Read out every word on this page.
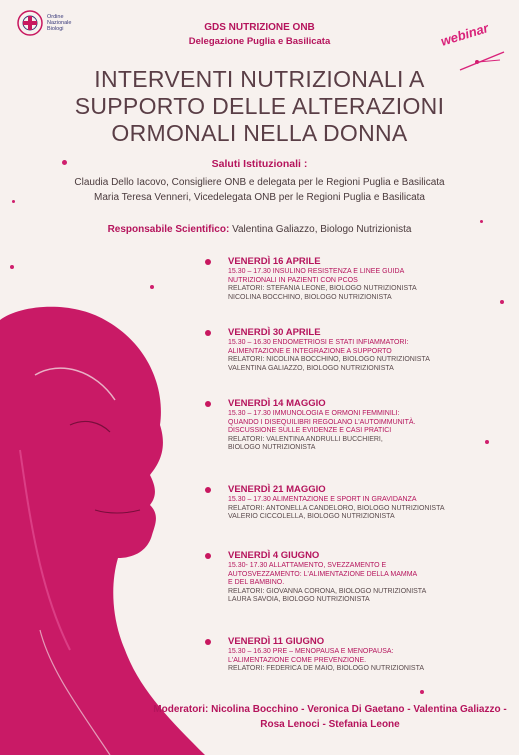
Ordine
Nazionale
Biologi	GDS NUTRIZIONE ONB
Delegazione Puglia e Basilicata	webinar
INTERVENTI NUTRIZIONALI A
SUPPORTO DELLE ALTERAZIONI
ORMONALI NELLA DONNA
Saluti Istituzionali :
Claudia Dello Iacovo, Consigliere ONB e delegata per le Regioni Puglia e Basilicata
Maria Teresa Venneri, Vicedelegata ONB per le Regioni Puglia e Basilicata
Responsabile Scientifico: Valentina Galiazzo, Biologo Nutrizionista
VENERDÌ 16 APRILE
15.30 – 17.30 INSULINO RESISTENZA E LINEE GUIDA
NUTRIZIONALI IN PAZIENTI CON PCOS
RELATORI: STEFANIA LEONE, BIOLOGO NUTRIZIONISTA
NICOLINA BOCCHINO, BIOLOGO NUTRIZIONISTA
VENERDÌ 30 APRILE
15.30 – 16.30 ENDOMETRIOSI E STATI INFIAMMATORI:
ALIMENTAZIONE E INTEGRAZIONE A SUPPORTO
RELATORI: NICOLINA BOCCHINO, BIOLOGO NUTRIZIONISTA
VALENTINA GALIAZZO, BIOLOGO NUTRIZIONISTA
VENERDÌ 14 MAGGIO
15.30 – 17.30 IMMUNOLOGIA E ORMONI FEMMINILI:
QUANDO I DISEQUILIBRI REGOLANO L'AUTOIMMUNITÀ.
DISCUSSIONE SULLE EVIDENZE E CASI PRATICI
RELATORI: VALENTINA ANDRULLI BUCCHIERI,
BIOLOGO NUTRIZIONISTA
VENERDÌ 21 MAGGIO
15.30 – 17.30 ALIMENTAZIONE E SPORT IN GRAVIDANZA
RELATORI: ANTONELLA CANDELORO, BIOLOGO NUTRIZIONISTA
VALERIO CICCOLELLA, BIOLOGO NUTRIZIONISTA
VENERDÌ 4 GIUGNO
15.30- 17.30 ALLATTAMENTO, SVEZZAMENTO E
AUTOSVEZZAMENTO: L'ALIMENTAZIONE DELLA MAMMA
E DEL BAMBINO.
RELATORI: GIOVANNA CORONA, BIOLOGO NUTRIZIONISTA
LAURA SAVOIA, BIOLOGO NUTRIZIONISTA
VENERDÌ 11 GIUGNO
15.30 – 16.30 PRE – MENOPAUSA E MENOPAUSA:
L'ALIMENTAZIONE COME PREVENZIONE.
RELATORI: FEDERICA DE MAIO, BIOLOGO NUTRIZIONISTA
Moderatori: Nicolina Bocchino - Veronica Di Gaetano - Valentina Galiazzo -
Rosa Lenoci - Stefania Leone
